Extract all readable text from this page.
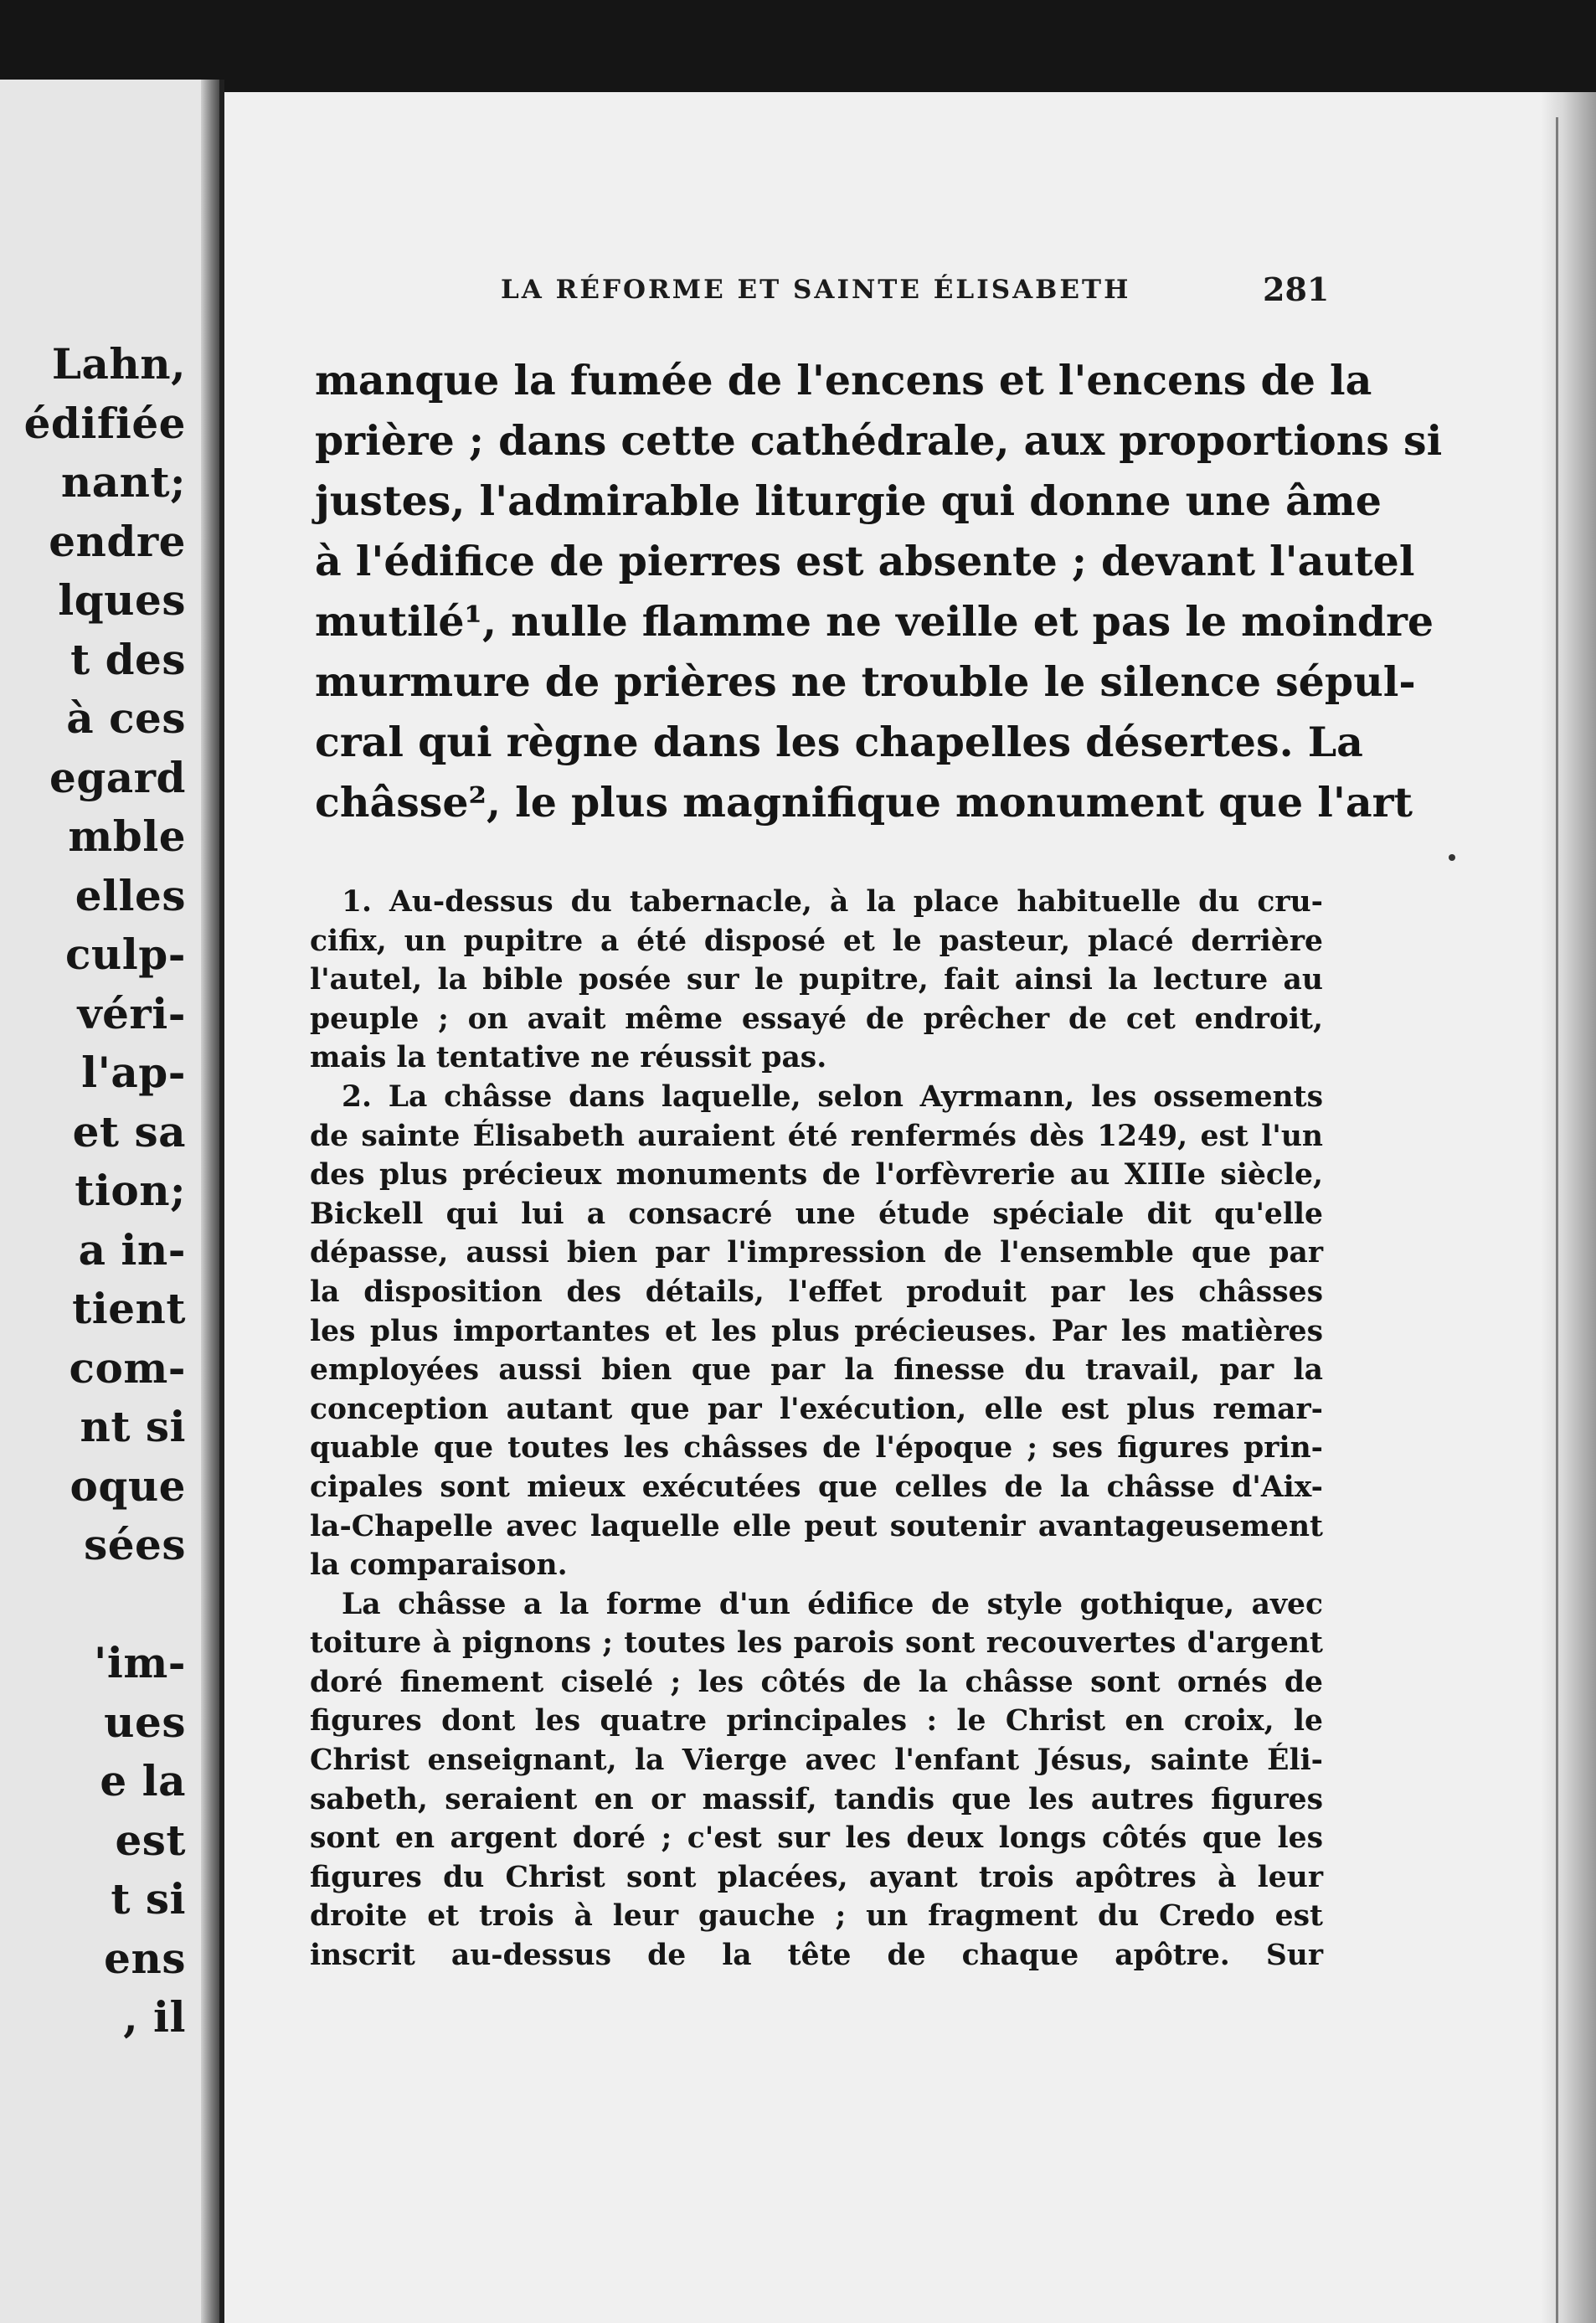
Lahn,
édifiée
nant;
endre
lques
t des
à ces
egard
mble
elles
culp-
véri-
l'ap-
et sa
tion;
a in-
tient
com-
nt si
oque
sées
'im-
ues
e la
est
t si
ens
, il
LA RÉFORME ET SAINTE ÉLISABETH	281
manque la fumée de l'encens et l'encens de la
prière ; dans cette cathédrale, aux proportions si
justes, l'admirable liturgie qui donne une âme
à l'édifice de pierres est absente ; devant l'autel
mutilé¹, nulle flamme ne veille et pas le moindre
murmure de prières ne trouble le silence sépul-
cral qui règne dans les chapelles désertes. La
châsse², le plus magnifique monument que l'art
1. Au-dessus du tabernacle, à la place habituelle du cru-
cifix, un pupitre a été disposé et le pasteur, placé derrière
l'autel, la bible posée sur le pupitre, fait ainsi la lecture au
peuple ; on avait même essayé de prêcher de cet endroit,
mais la tentative ne réussit pas.
2. La châsse dans laquelle, selon Ayrmann, les ossements
de sainte Élisabeth auraient été renfermés dès 1249, est l'un
des plus précieux monuments de l'orfèvrerie au XIIIe siècle,
Bickell qui lui a consacré une étude spéciale dit qu'elle
dépasse, aussi bien par l'impression de l'ensemble que par
la disposition des détails, l'effet produit par les châsses
les plus importantes et les plus précieuses. Par les matières
employées aussi bien que par la finesse du travail, par la
conception autant que par l'exécution, elle est plus remar-
quable que toutes les châsses de l'époque ; ses figures prin-
cipales sont mieux exécutées que celles de la châsse d'Aix-
la-Chapelle avec laquelle elle peut soutenir avantageusement
la comparaison.
La châsse a la forme d'un édifice de style gothique, avec
toiture à pignons ; toutes les parois sont recouvertes d'argent
doré finement ciselé ; les côtés de la châsse sont ornés de
figures dont les quatre principales : le Christ en croix, le
Christ enseignant, la Vierge avec l'enfant Jésus, sainte Éli-
sabeth, seraient en or massif, tandis que les autres figures
sont en argent doré ; c'est sur les deux longs côtés que les
figures du Christ sont placées, ayant trois apôtres à leur
droite et trois à leur gauche ; un fragment du Credo est
inscrit au-dessus de la tête de chaque apôtre. Sur
